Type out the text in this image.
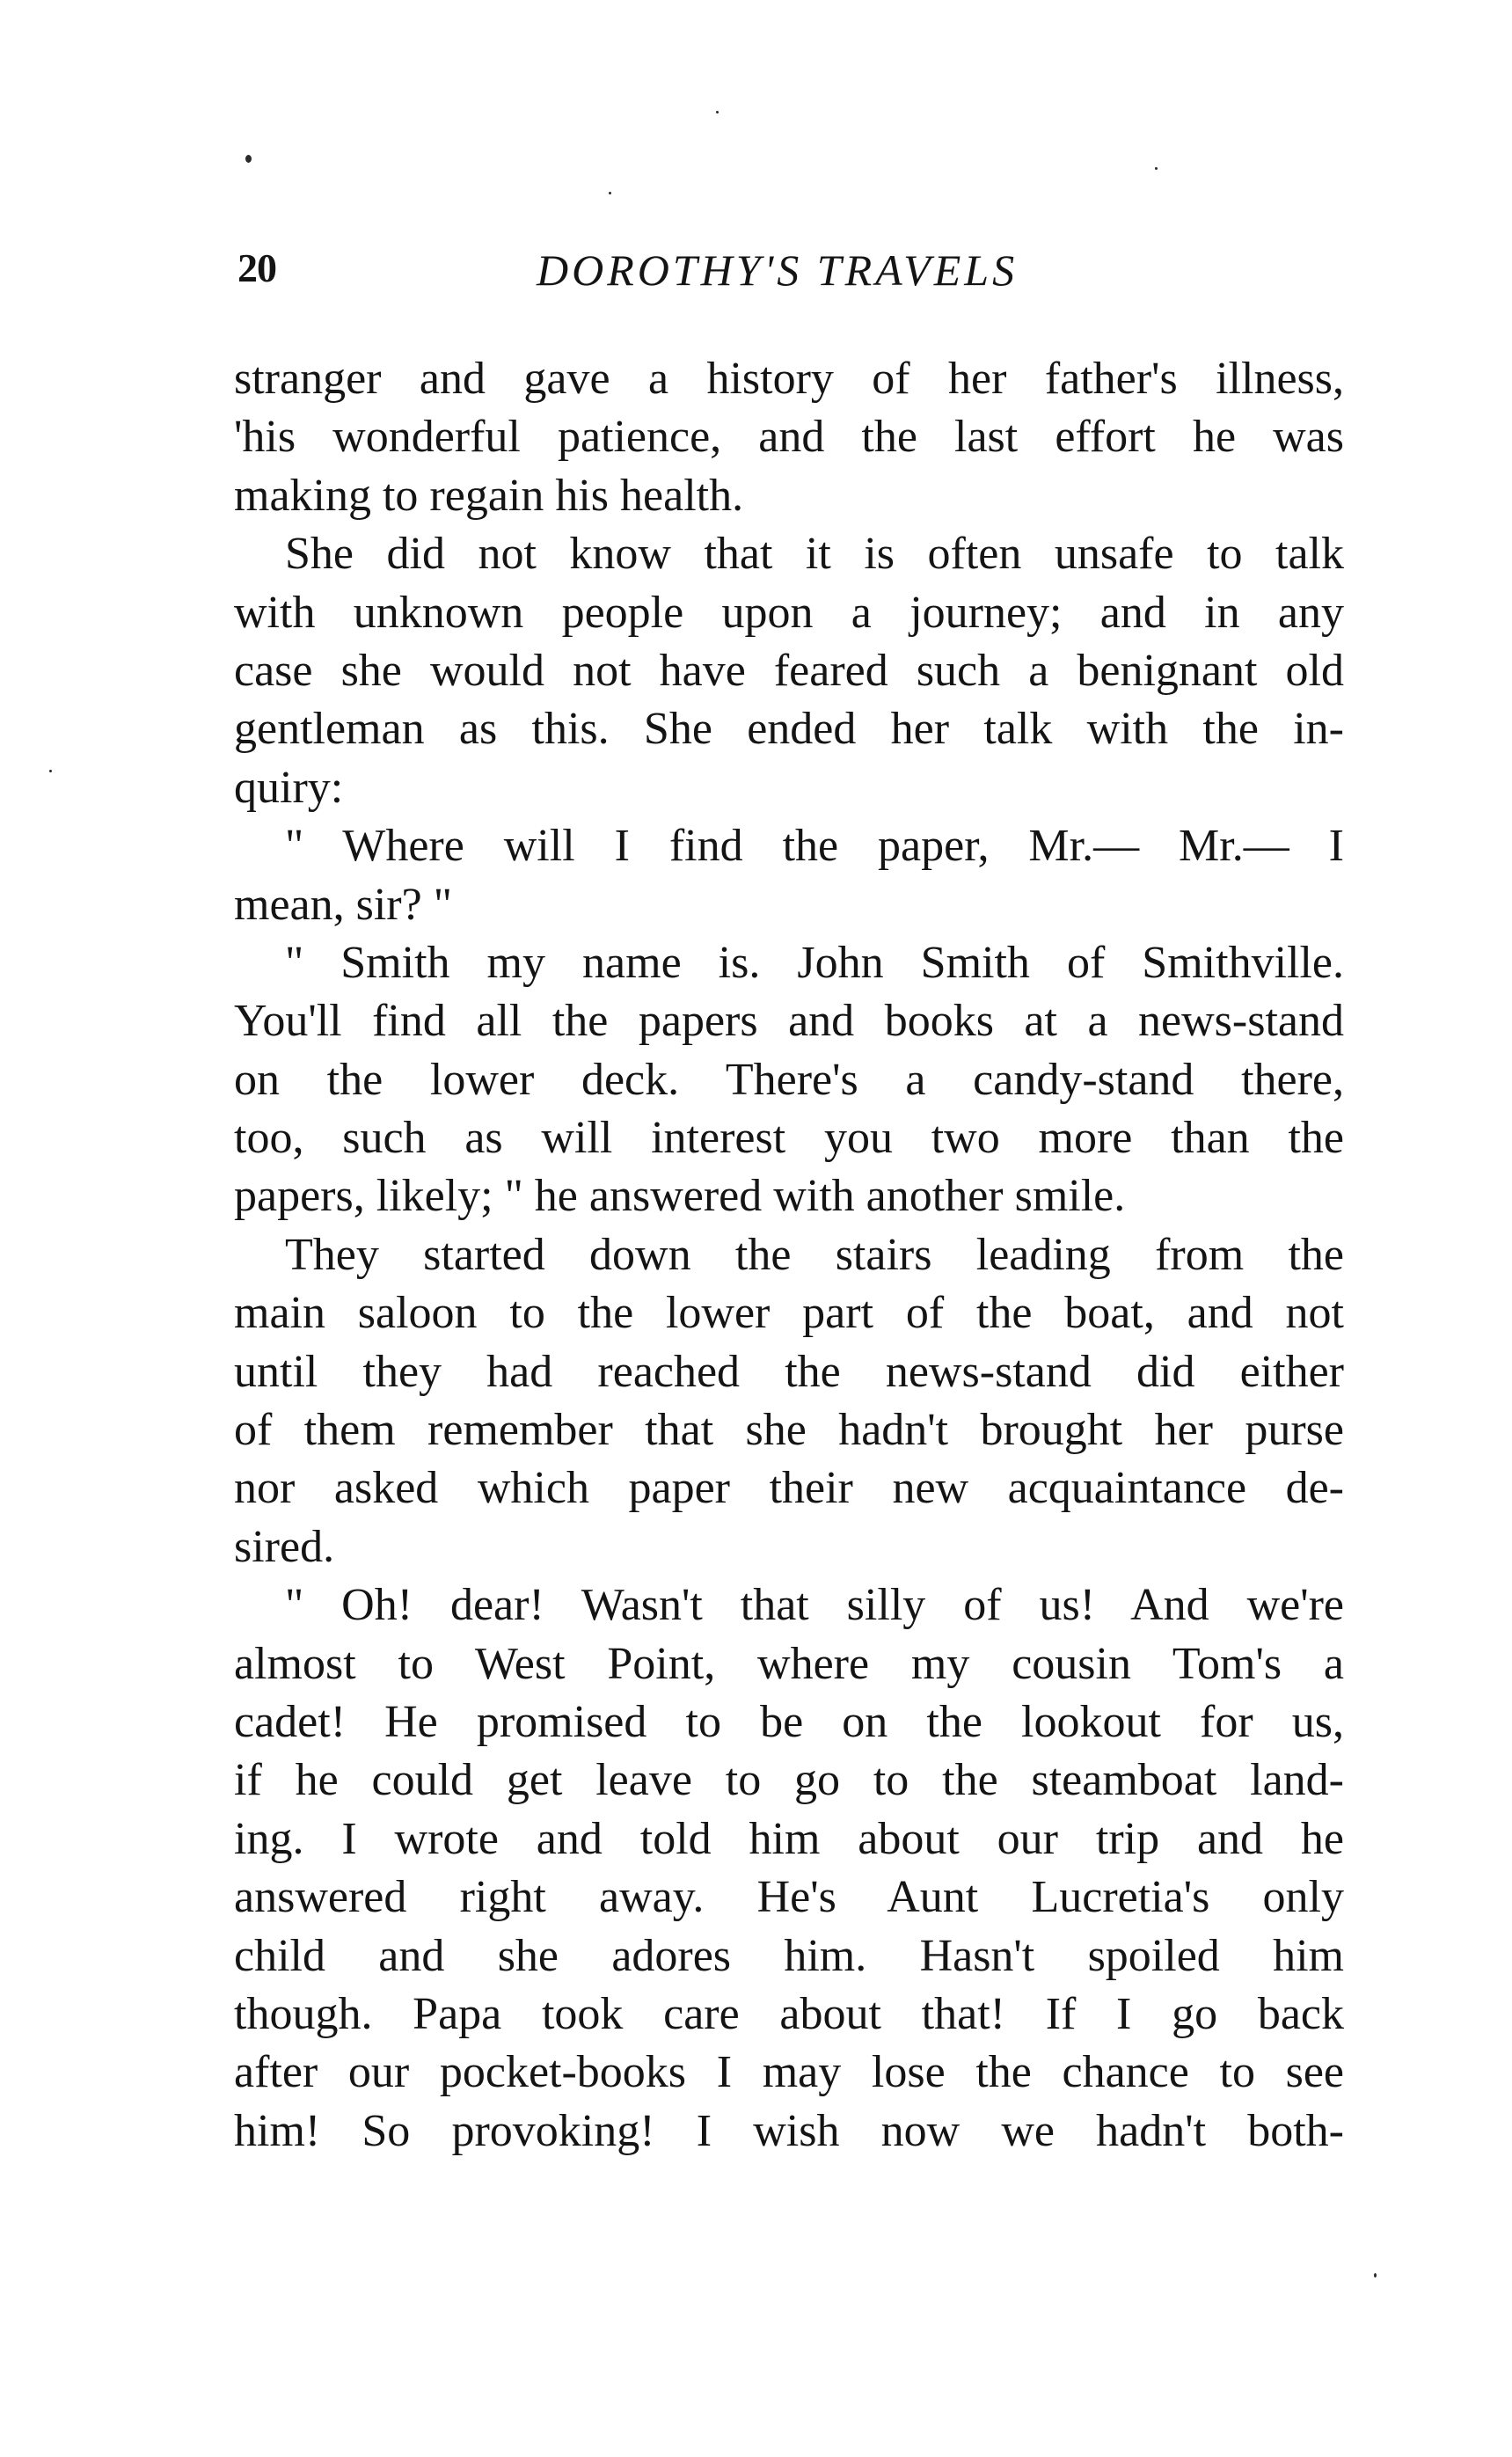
20	DOROTHY'S TRAVELS
stranger and gave a history of her father's illness,
'his wonderful patience, and the last effort he was
making to regain his health.
She did not know that it is often unsafe to talk
with unknown people upon a journey; and in any
case she would not have feared such a benignant old
gentleman as this. She ended her talk with the in-
quiry:
" Where will I find the paper, Mr.— Mr.— I
mean, sir? "
" Smith my name is. John Smith of Smithville.
You'll find all the papers and books at a news-stand
on the lower deck. There's a candy-stand there,
too, such as will interest you two more than the
papers, likely; " he answered with another smile.
They started down the stairs leading from the
main saloon to the lower part of the boat, and not
until they had reached the news-stand did either
of them remember that she hadn't brought her purse
nor asked which paper their new acquaintance de-
sired.
" Oh! dear! Wasn't that silly of us! And we're
almost to West Point, where my cousin Tom's a
cadet! He promised to be on the lookout for us,
if he could get leave to go to the steamboat land-
ing. I wrote and told him about our trip and he
answered right away. He's Aunt Lucretia's only
child and she adores him. Hasn't spoiled him
though. Papa took care about that! If I go back
after our pocket-books I may lose the chance to see
him! So provoking! I wish now we hadn't both-
